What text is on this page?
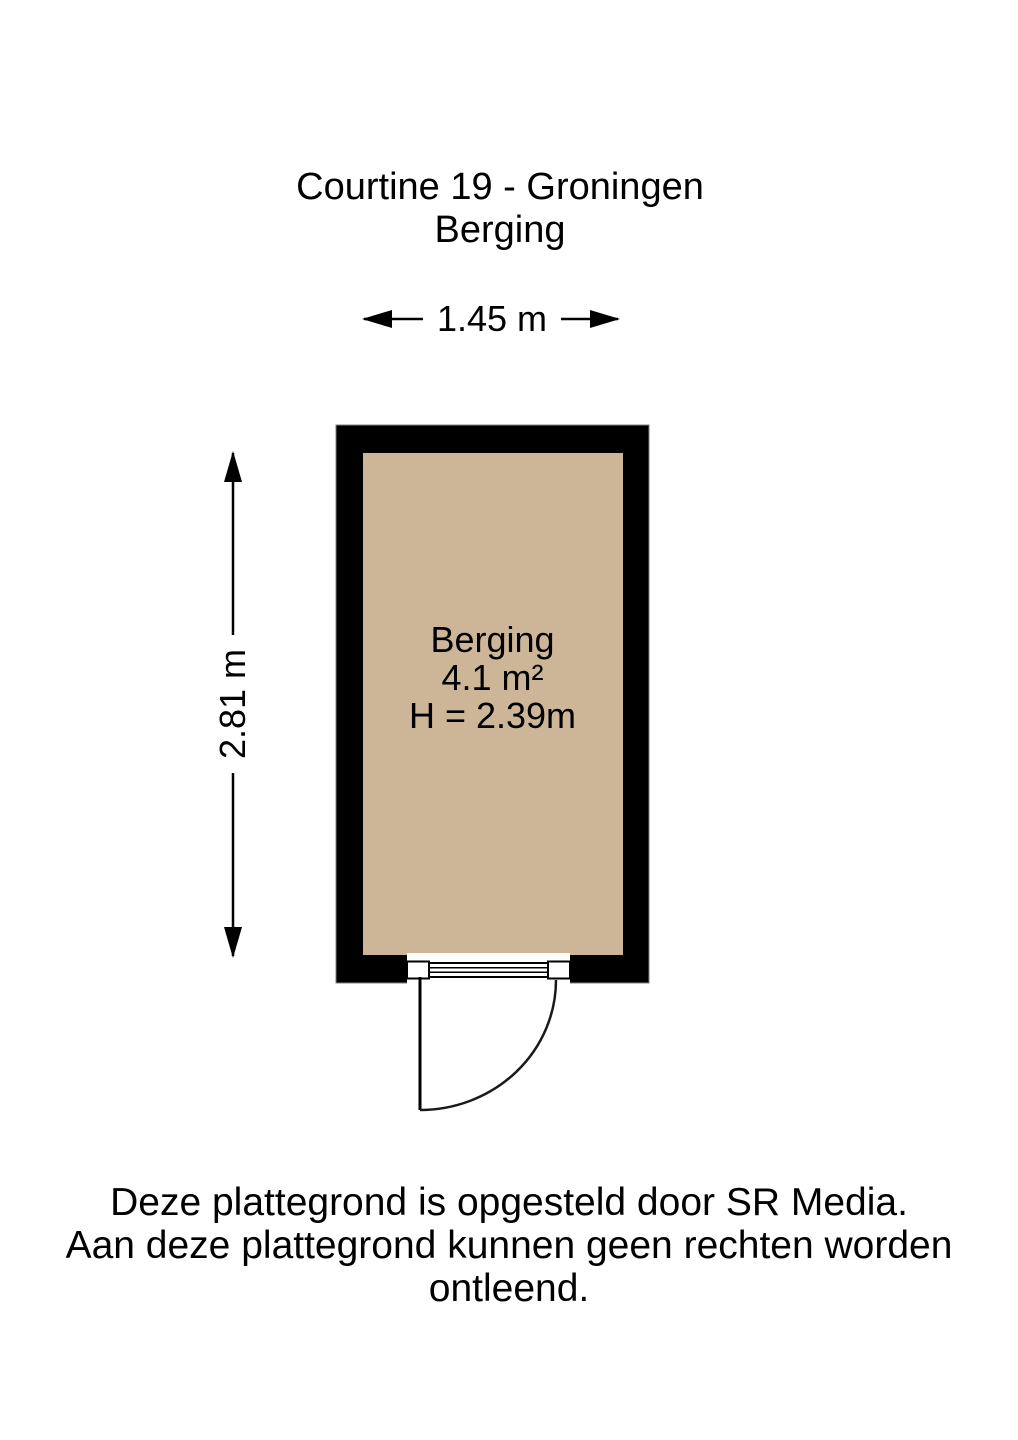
Courtine 19 - Groningen
Berging
1.45 m
2.81 m
Berging
4.1 m²
H = 2.39m
Deze plattegrond is opgesteld door SR Media.
Aan deze plattegrond kunnen geen rechten worden ontleend.
